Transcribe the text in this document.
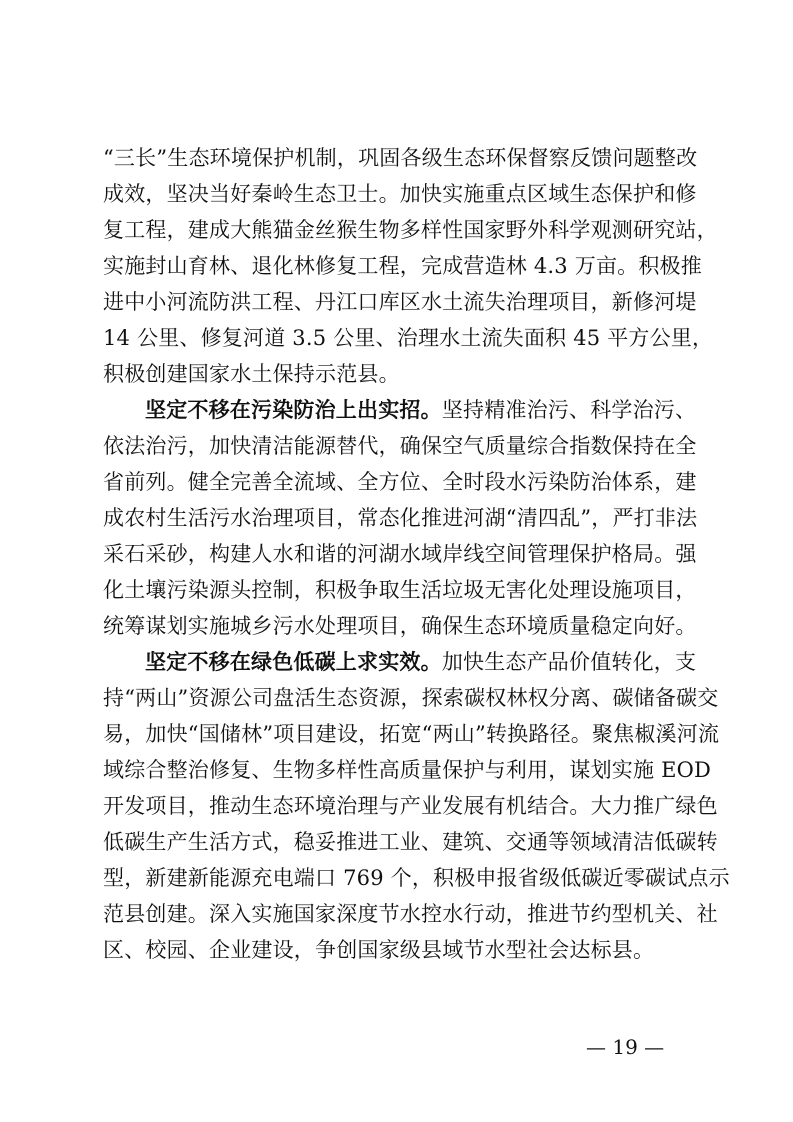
“三长”生态环境保护机制，巩固各级生态环保督察反馈问题整改
成效，坚决当好秦岭生态卫士。加快实施重点区域生态保护和修
复工程，建成大熊猫金丝猴生物多样性国家野外科学观测研究站，
实施封山育林、退化林修复工程，完成营造林 4.3 万亩。积极推
进中小河流防洪工程、丹江口库区水土流失治理项目，新修河堤
14 公里、修复河道 3.5 公里、治理水土流失面积 45 平方公里，
积极创建国家水土保持示范县。
坚定不移在污染防治上出实招。坚持精准治污、科学治污、
依法治污，加快清洁能源替代，确保空气质量综合指数保持在全
省前列。健全完善全流域、全方位、全时段水污染防治体系，建
成农村生活污水治理项目，常态化推进河湖“清四乱”，严打非法
采石采砂，构建人水和谐的河湖水域岸线空间管理保护格局。强
化土壤污染源头控制，积极争取生活垃圾无害化处理设施项目，
统筹谋划实施城乡污水处理项目，确保生态环境质量稳定向好。
坚定不移在绿色低碳上求实效。加快生态产品价值转化，支
持“两山”资源公司盘活生态资源，探索碳权林权分离、碳储备碳交
易，加快“国储林”项目建设，拓宽“两山”转换路径。聚焦椒溪河流
域综合整治修复、生物多样性高质量保护与利用，谋划实施 EOD
开发项目，推动生态环境治理与产业发展有机结合。大力推广绿色
低碳生产生活方式，稳妥推进工业、建筑、交通等领域清洁低碳转
型，新建新能源充电端口 769 个，积极申报省级低碳近零碳试点示
范县创建。深入实施国家深度节水控水行动，推进节约型机关、社
区、校园、企业建设，争创国家级县域节水型社会达标县。
— 19 —
